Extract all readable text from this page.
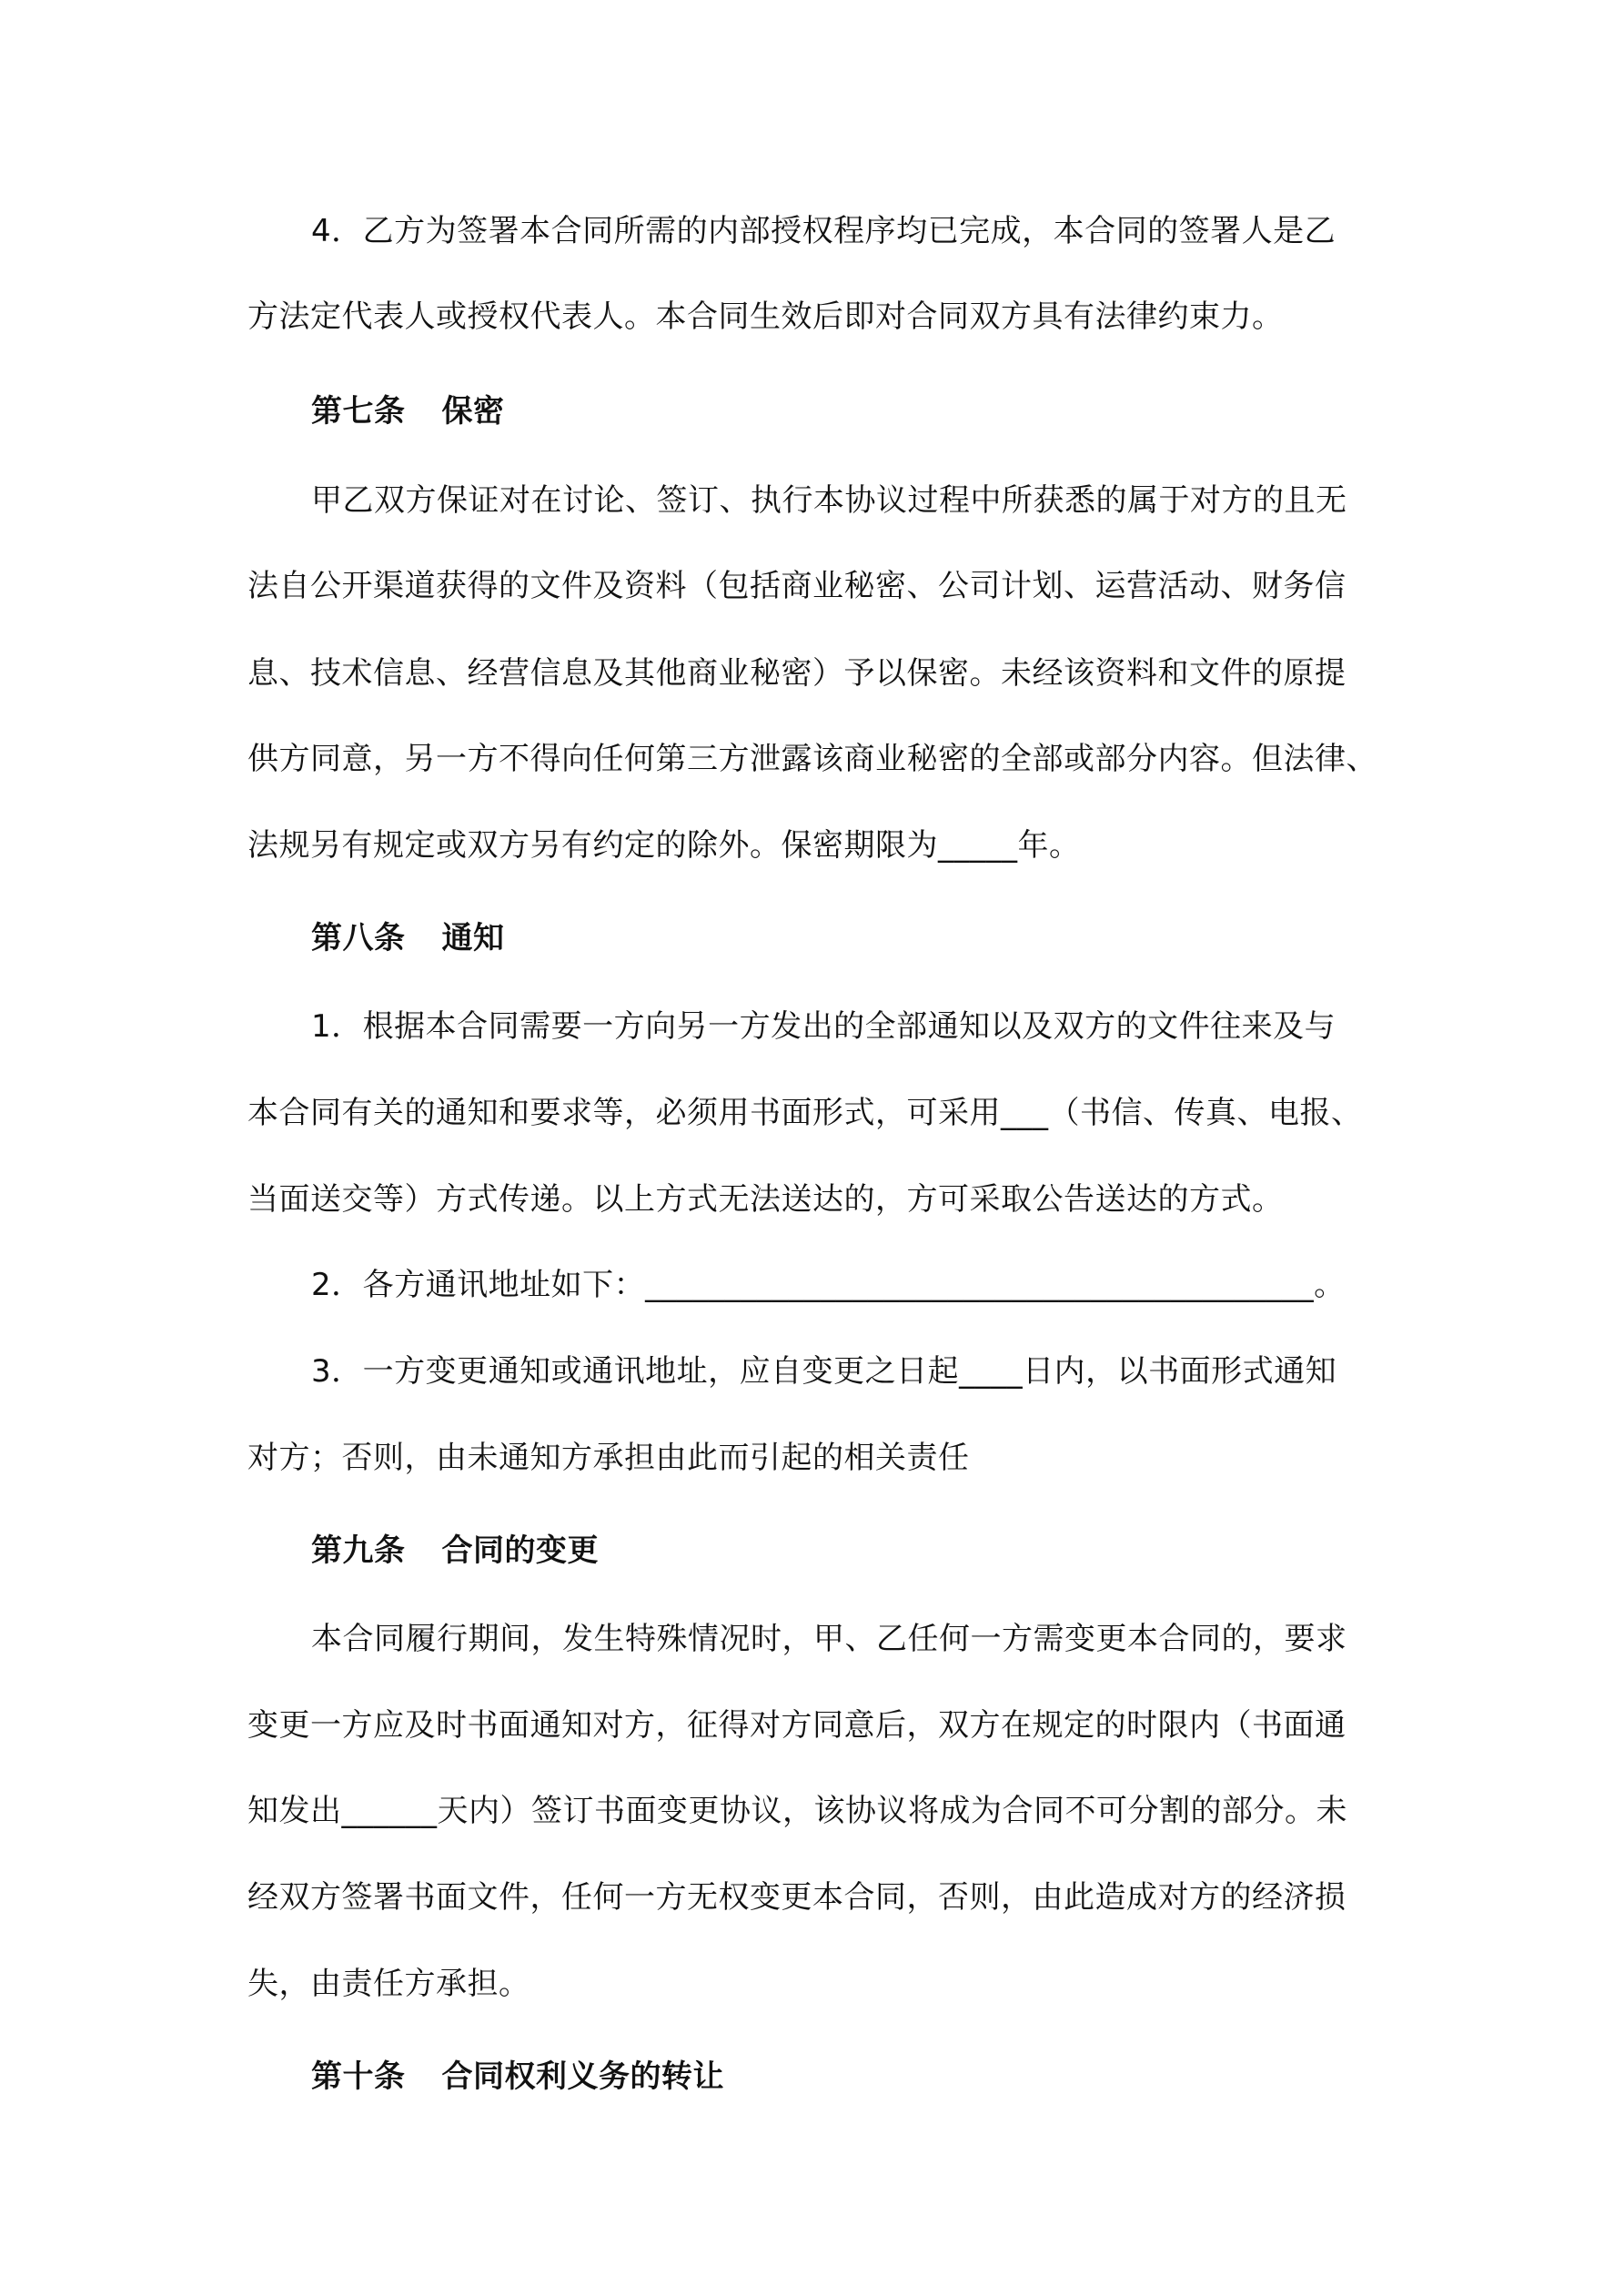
4．乙方为签署本合同所需的内部授权程序均已完成，本合同的签署人是乙
方法定代表人或授权代表人。本合同生效后即对合同双方具有法律约束力。
第七条 保密
甲乙双方保证对在讨论、签订、执行本协议过程中所获悉的属于对方的且无
法自公开渠道获得的文件及资料（包括商业秘密、公司计划、运营活动、财务信
息、技术信息、经营信息及其他商业秘密）予以保密。未经该资料和文件的原提
供方同意，另一方不得向任何第三方泄露该商业秘密的全部或部分内容。但法律、
法规另有规定或双方另有约定的除外。保密期限为_____年。
第八条 通知
1．根据本合同需要一方向另一方发出的全部通知以及双方的文件往来及与
本合同有关的通知和要求等，必须用书面形式，可采用___（书信、传真、电报、
当面送交等）方式传递。以上方式无法送达的，方可采取公告送达的方式。
2．各方通讯地址如下：__________________________________________。
3．一方变更通知或通讯地址，应自变更之日起____日内，以书面形式通知
对方；否则，由未通知方承担由此而引起的相关责任
第九条 合同的变更
本合同履行期间，发生特殊情况时，甲、乙任何一方需变更本合同的，要求
变更一方应及时书面通知对方，征得对方同意后，双方在规定的时限内（书面通
知发出______天内）签订书面变更协议，该协议将成为合同不可分割的部分。未
经双方签署书面文件，任何一方无权变更本合同，否则，由此造成对方的经济损
失，由责任方承担。
第十条 合同权利义务的转让
